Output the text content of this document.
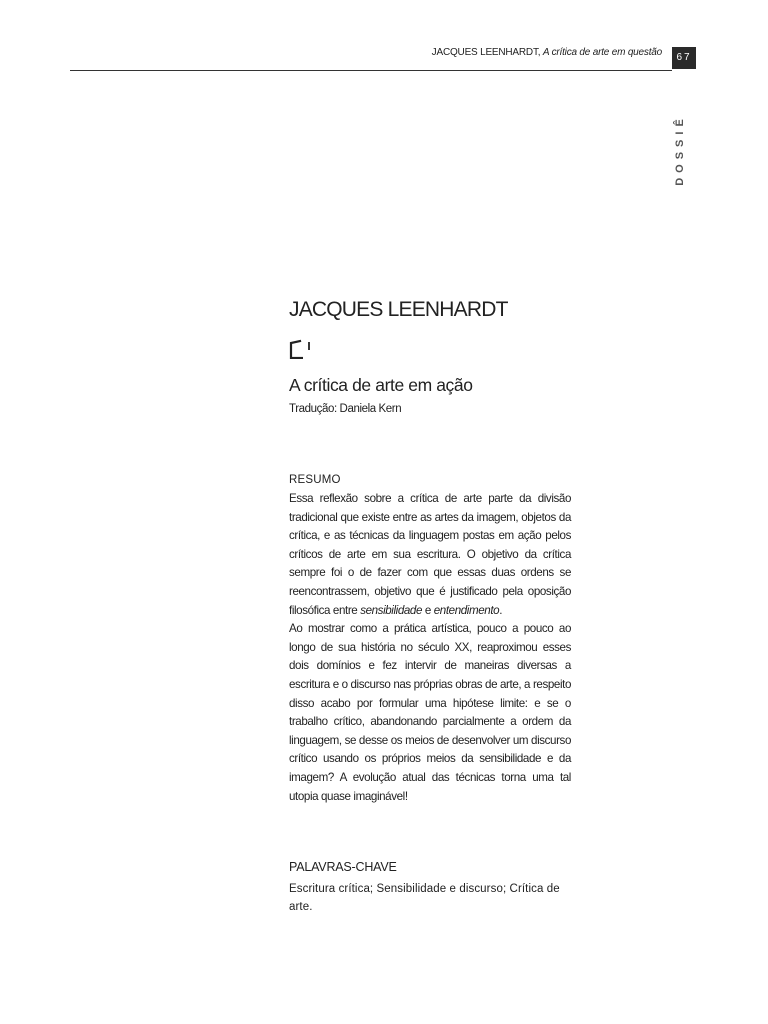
JACQUES LEENHARDT, A crítica de arte em questão	67
DOSSIÊ
JACQUES LEENHARDT
A crítica de arte em ação
Tradução: Daniela Kern
RESUMO

Essa reflexão sobre a crítica de arte parte da divisão tradicional que existe entre as artes da imagem, objetos da crítica, e as técnicas da linguagem postas em ação pelos críticos de arte em sua escritura. O objetivo da crítica sempre foi o de fazer com que essas duas ordens se reencontrassem, objetivo que é justificado pela oposição filosófica entre sensibilidade e entendimento.

Ao mostrar como a prática artística, pouco a pouco ao longo de sua história no século XX, reaproximou esses dois domínios e fez intervir de maneiras diversas a escritura e o discurso nas próprias obras de arte, a respeito disso acabo por formular uma hipótese limite: e se o trabalho crítico, abandonando parcialmente a ordem da linguagem, se desse os meios de desenvolver um discurso crítico usando os próprios meios da sensibilidade e da imagem? A evolução atual das técnicas torna uma tal utopia quase imaginável!

PALAVRAS-CHAVE
Escritura crítica; Sensibilidade e discurso; Crítica de arte.
